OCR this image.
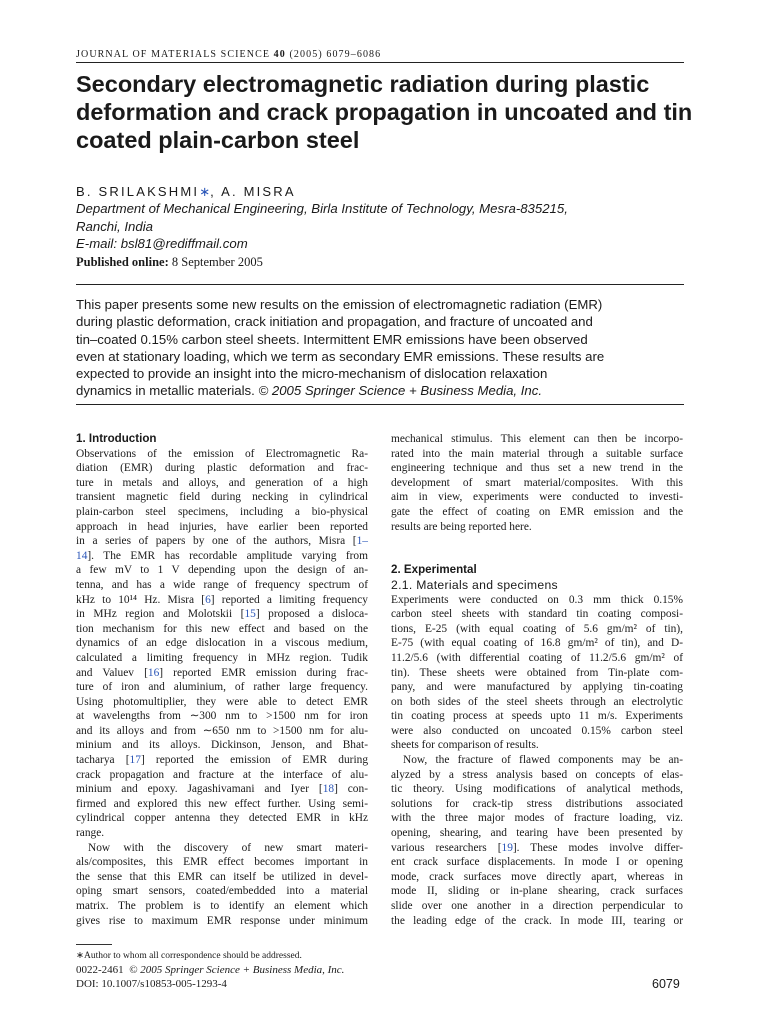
JOURNAL OF MATERIALS SCIENCE 40 (2005) 6079–6086
Secondary electromagnetic radiation during plastic deformation and crack propagation in uncoated and tin coated plain-carbon steel
B. SRILAKSHMI∗, A. MISRA
Department of Mechanical Engineering, Birla Institute of Technology, Mesra-835215,
Ranchi, India
E-mail: bsl81@rediffmail.com
Published online: 8 September 2005
This paper presents some new results on the emission of electromagnetic radiation (EMR)
during plastic deformation, crack initiation and propagation, and fracture of uncoated and
tin–coated 0.15% carbon steel sheets. Intermittent EMR emissions have been observed
even at stationary loading, which we term as secondary EMR emissions. These results are
expected to provide an insight into the micro-mechanism of dislocation relaxation
dynamics in metallic materials. © 2005 Springer Science + Business Media, Inc.
1. Introduction
Observations of the emission of Electromagnetic Ra-
diation (EMR) during plastic deformation and frac-
ture in metals and alloys, and generation of a high
transient magnetic field during necking in cylindrical
plain-carbon steel specimens, including a bio-physical
approach in head injuries, have earlier been reported
in a series of papers by one of the authors, Misra [1–
14]. The EMR has recordable amplitude varying from
a few mV to 1 V depending upon the design of an-
tenna, and has a wide range of frequency spectrum of
kHz to 10¹⁴ Hz. Misra [6] reported a limiting frequency
in MHz region and Molotskii [15] proposed a disloca-
tion mechanism for this new effect and based on the
dynamics of an edge dislocation in a viscous medium,
calculated a limiting frequency in MHz region. Tudik
and Valuev [16] reported EMR emission during frac-
ture of iron and aluminium, of rather large frequency.
Using photomultiplier, they were able to detect EMR
at wavelengths from ∼300 nm to >1500 nm for iron
and its alloys and from ∼650 nm to >1500 nm for alu-
minium and its alloys. Dickinson, Jenson, and Bhat-
tacharya [17] reported the emission of EMR during
crack propagation and fracture at the interface of alu-
minium and epoxy. Jagashivamani and Iyer [18] con-
firmed and explored this new effect further. Using semi-
cylindrical copper antenna they detected EMR in kHz
range.
Now with the discovery of new smart materi-
als/composites, this EMR effect becomes important in
the sense that this EMR can itself be utilized in devel-
oping smart sensors, coated/embedded into a material
matrix. The problem is to identify an element which
gives rise to maximum EMR response under minimum
mechanical stimulus. This element can then be incorpo-
rated into the main material through a suitable surface
engineering technique and thus set a new trend in the
development of smart material/composites. With this
aim in view, experiments were conducted to investi-
gate the effect of coating on EMR emission and the
results are being reported here.
2. Experimental
2.1. Materials and specimens
Experiments were conducted on 0.3 mm thick 0.15%
carbon steel sheets with standard tin coating composi-
tions, E-25 (with equal coating of 5.6 gm/m² of tin),
E-75 (with equal coating of 16.8 gm/m² of tin), and D-
11.2/5.6 (with differential coating of 11.2/5.6 gm/m² of
tin). These sheets were obtained from Tin-plate com-
pany, and were manufactured by applying tin-coating
on both sides of the steel sheets through an electrolytic
tin coating process at speeds upto 11 m/s. Experiments
were also conducted on uncoated 0.15% carbon steel
sheets for comparison of results.
Now, the fracture of flawed components may be an-
alyzed by a stress analysis based on concepts of elas-
tic theory. Using modifications of analytical methods,
solutions for crack-tip stress distributions associated
with the three major modes of fracture loading, viz.
opening, shearing, and tearing have been presented by
various researchers [19]. These modes involve differ-
ent crack surface displacements. In mode I or opening
mode, crack surfaces move directly apart, whereas in
mode II, sliding or in-plane shearing, crack surfaces
slide over one another in a direction perpendicular to
the leading edge of the crack. In mode III, tearing or
∗Author to whom all correspondence should be addressed.
0022-2461 © 2005 Springer Science + Business Media, Inc.
DOI: 10.1007/s10853-005-1293-4	6079
